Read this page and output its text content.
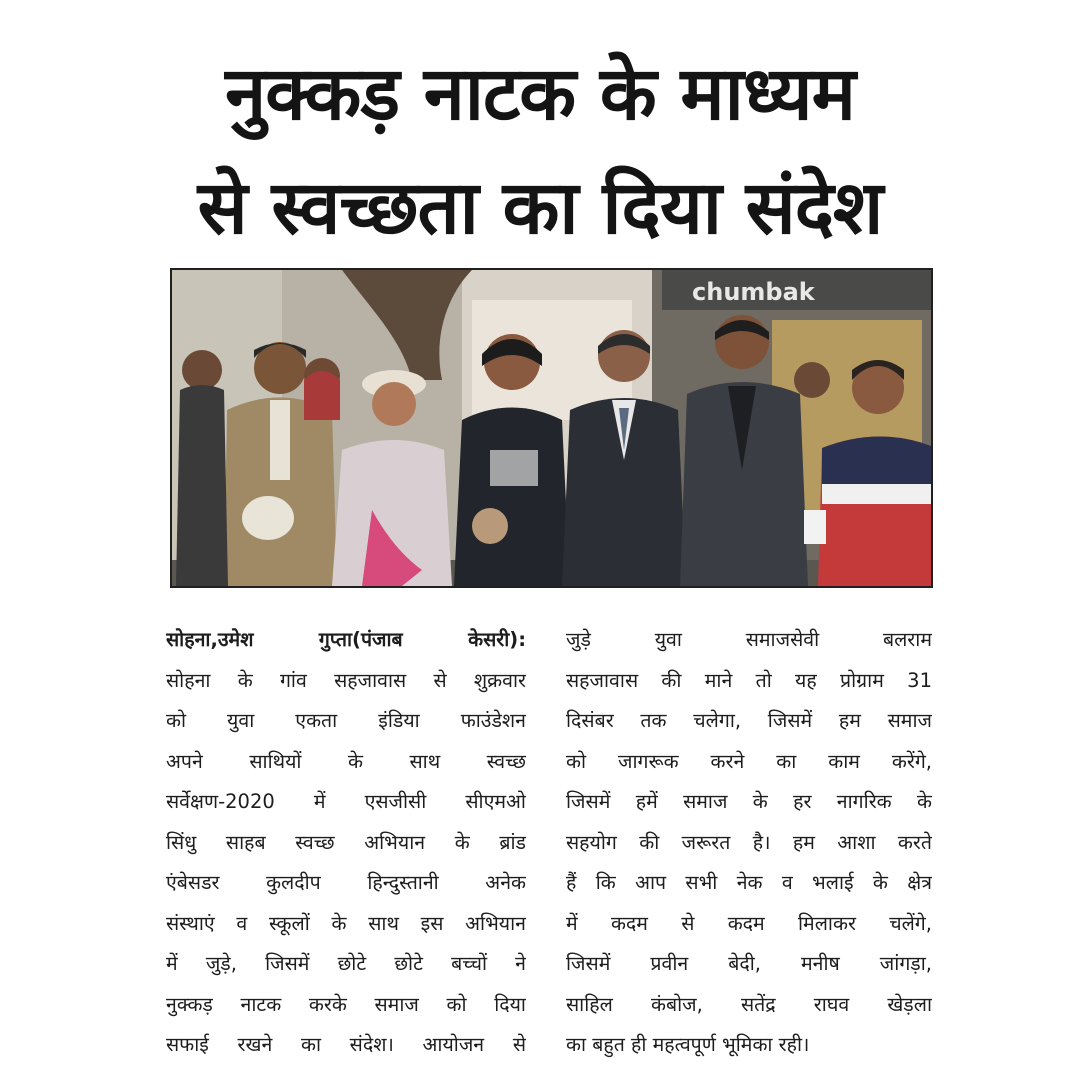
नुक्कड़ नाटक के माध्यम
से स्वच्छता का दिया संदेश
chumbak
सोहना,उमेश गुप्ता(पंजाब केसरी):
सोहना के गांव सहजावास से शुक्रवार
को युवा एकता इंडिया फाउंडेशन
अपने साथियों के साथ स्वच्छ
सर्वेक्षण-2020 में एसजीसी सीएमओ
सिंधु साहब स्वच्छ अभियान के ब्रांड
एंबेसडर कुलदीप हिन्दुस्तानी अनेक
संस्थाएं व स्कूलों के साथ इस अभियान
में जुड़े, जिसमें छोटे छोटे बच्चों ने
नुक्कड़ नाटक करके समाज को दिया
सफाई रखने का संदेश। आयोजन से
जुड़े युवा समाजसेवी बलराम
सहजावास की माने तो यह प्रोग्राम 31
दिसंबर तक चलेगा, जिसमें हम समाज
को जागरूक करने का काम करेंगे,
जिसमें हमें समाज के हर नागरिक के
सहयोग की जरूरत है। हम आशा करते
हैं कि आप सभी नेक व भलाई के क्षेत्र
में कदम से कदम मिलाकर चलेंगे,
जिसमें प्रवीन बेदी, मनीष जांगड़ा,
साहिल कंबोज, सतेंद्र राघव खेड़ला
का बहुत ही महत्वपूर्ण भूमिका रही।
